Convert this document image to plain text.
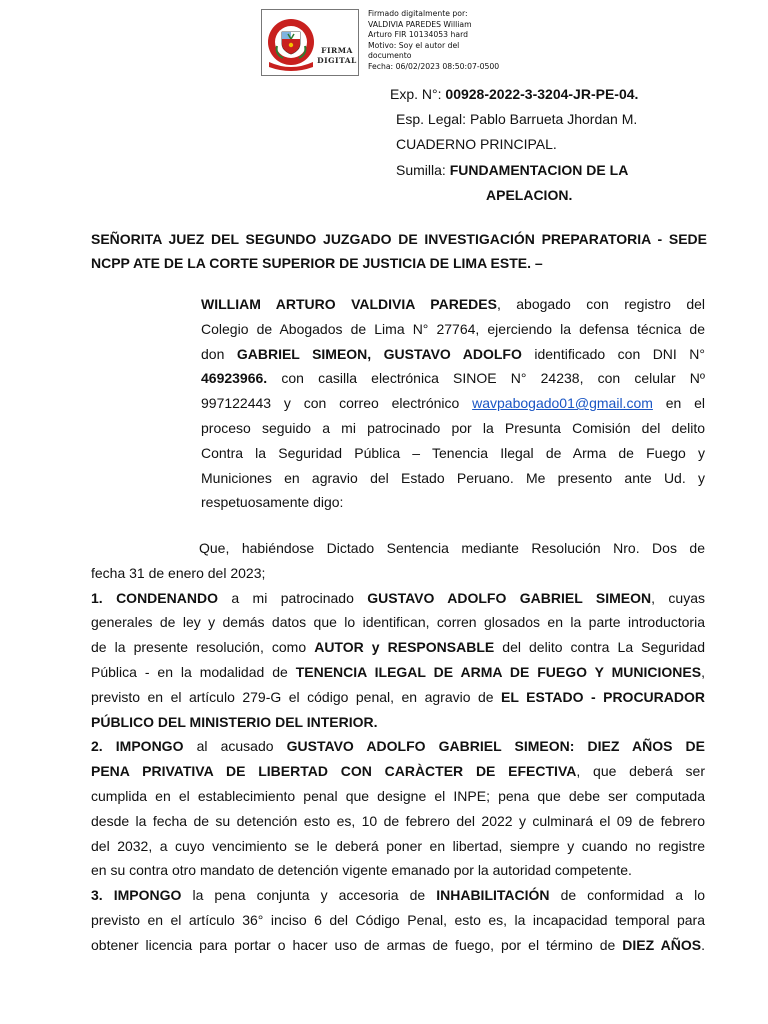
FIRMA
DIGITAL
Firmado digitalmente por:
VALDIVIA PAREDES William
Arturo FIR 10134053 hard
Motivo: Soy el autor del
documento
Fecha: 06/02/2023 08:50:07-0500
Exp. N°: 00928-2022-3-3204-JR-PE-04.
Esp. Legal: Pablo Barrueta Jhordan M.
CUADERNO PRINCIPAL.
Sumilla: FUNDAMENTACION DE LA
APELACION.
SEÑORITA JUEZ DEL SEGUNDO JUZGADO DE INVESTIGACIÓN PREPARATORIA - SEDE NCPP ATE DE LA CORTE SUPERIOR DE JUSTICIA DE LIMA ESTE. –
WILLIAM ARTURO VALDIVIA PAREDES, abogado con registro del
Colegio de Abogados de Lima N° 27764, ejerciendo la defensa técnica de
don GABRIEL SIMEON, GUSTAVO ADOLFO identificado con DNI N°
46923966. con casilla electrónica SINOE N° 24238, con celular Nº
997122443 y con correo electrónico wavpabogado01@gmail.com en el
proceso seguido a mi patrocinado por la Presunta Comisión del delito
Contra la Seguridad Pública – Tenencia Ilegal de Arma de Fuego y
Municiones en agravio del Estado Peruano. Me presento ante Ud. y
respetuosamente digo:
Que, habiéndose Dictado Sentencia mediante Resolución Nro. Dos de
fecha 31 de enero del 2023;
1. CONDENANDO a mi patrocinado GUSTAVO ADOLFO GABRIEL SIMEON, cuyas
generales de ley y demás datos que lo identifican, corren glosados en la parte introductoria
de la presente resolución, como AUTOR y RESPONSABLE del delito contra La Seguridad
Pública - en la modalidad de TENENCIA ILEGAL DE ARMA DE FUEGO Y MUNICIONES,
previsto en el artículo 279-G el código penal, en agravio de EL ESTADO - PROCURADOR
PÚBLICO DEL MINISTERIO DEL INTERIOR.
2. IMPONGO al acusado GUSTAVO ADOLFO GABRIEL SIMEON: DIEZ AÑOS DE
PENA PRIVATIVA DE LIBERTAD CON CARÀCTER DE EFECTIVA, que deberá ser
cumplida en el establecimiento penal que designe el INPE; pena que debe ser computada
desde la fecha de su detención esto es, 10 de febrero del 2022 y culminará el 09 de febrero
del 2032, a cuyo vencimiento se le deberá poner en libertad, siempre y cuando no registre
en su contra otro mandato de detención vigente emanado por la autoridad competente.
3. IMPONGO la pena conjunta y accesoria de INHABILITACIÓN de conformidad a lo
previsto en el artículo 36° inciso 6 del Código Penal, esto es, la incapacidad temporal para
obtener licencia para portar o hacer uso de armas de fuego, por el término de DIEZ AÑOS.
